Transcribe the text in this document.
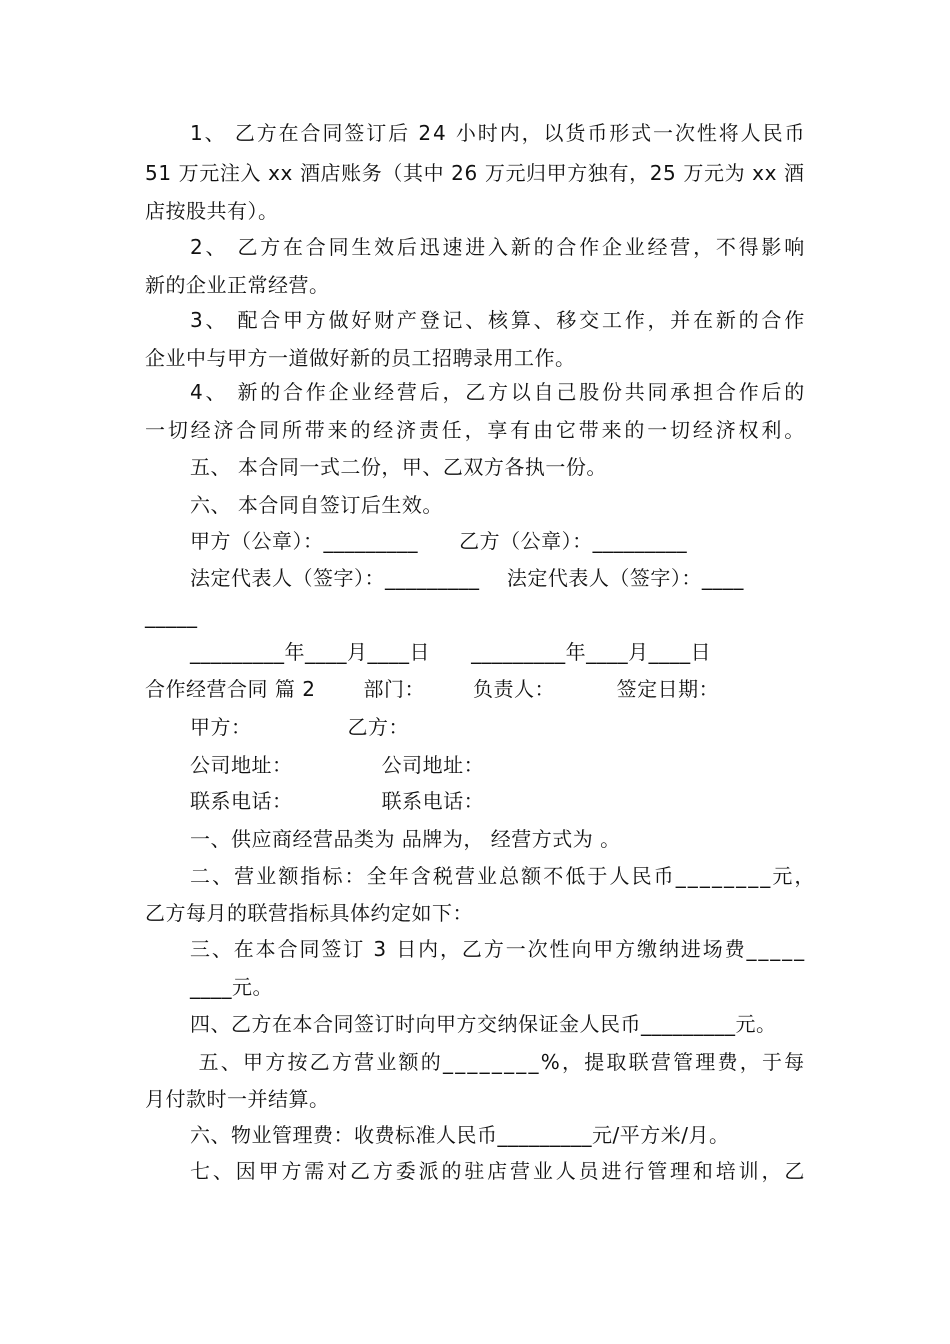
1 、
乙 方 在 合 同 签 订 后
2 4
小 时 内 ， 以 货 币 形 式 一 次 性 将 人 民 币
5 1
万 元 注 入
x x
酒 店 账 务 （ 其 中
2 6
万 元 归 甲 方 独 有 ， 2 5
万 元 为
x x
酒
店按股共有）。
2 、
乙 方 在 合 同 生 效 后 迅 速 进 入 新 的 合 作 企 业 经 营 ， 不 得 影 响
新的企业正常经营。
3 、
配 合 甲 方 做 好 财 产 登 记 、 核 算 、 移 交 工 作 ， 并 在 新 的 合 作
企业中与甲方一道做好新的员工招聘录用工作。
4 、
新 的 合 作 企 业 经 营 后 ， 乙 方 以 自 己 股 份 共 同 承 担 合 作 后 的
一 切 经 济 合 同 所 带 来 的 经 济 责 任 ， 享 有 由 它 带 来 的 一 切 经 济 权 利 。
五、 本合同一式二份，甲、乙双方各执一份。
六、 本合同自签订后生效。
甲方（公章）：_________      乙方（公章）：_________
法定代表人（签字）：_________    法定代表人（签字）：____
_____
_________年____月____日      _________年____月____日
合作经营合同 篇 2       部门：       负责人：         签定日期：
甲方：              乙方：
公司地址：             公司地址：
联系电话：             联系电话：
一、供应商经营品类为 品牌为， 经营方式为 。
二 、 营 业 额 指 标 ： 全 年 含 税 营 业 总 额 不 低 于 人 民 币 _ _ _ _ _ _ _ _ 元 ，
乙方每月的联营指标具体约定如下：
三 、 在 本 合 同 签 订
3
日 内 ， 乙 方 一 次 性 向 甲 方 缴 纳 进 场 费 _ _ _ _ _
____元。
四、乙方在本合同签订时向甲方交纳保证金人民币_________元。

五 、 甲 方 按 乙 方 营 业 额 的 _ _ _ _ _ _ _ _ % ， 提 取 联 营 管 理 费 ， 于 每
月付款时一并结算。
六、物业管理费：收费标准人民币_________元/平方米/月。
七 、 因 甲 方 需 对 乙 方 委 派 的 驻 店 营 业 人 员 进 行 管 理 和 培 训 ， 乙
